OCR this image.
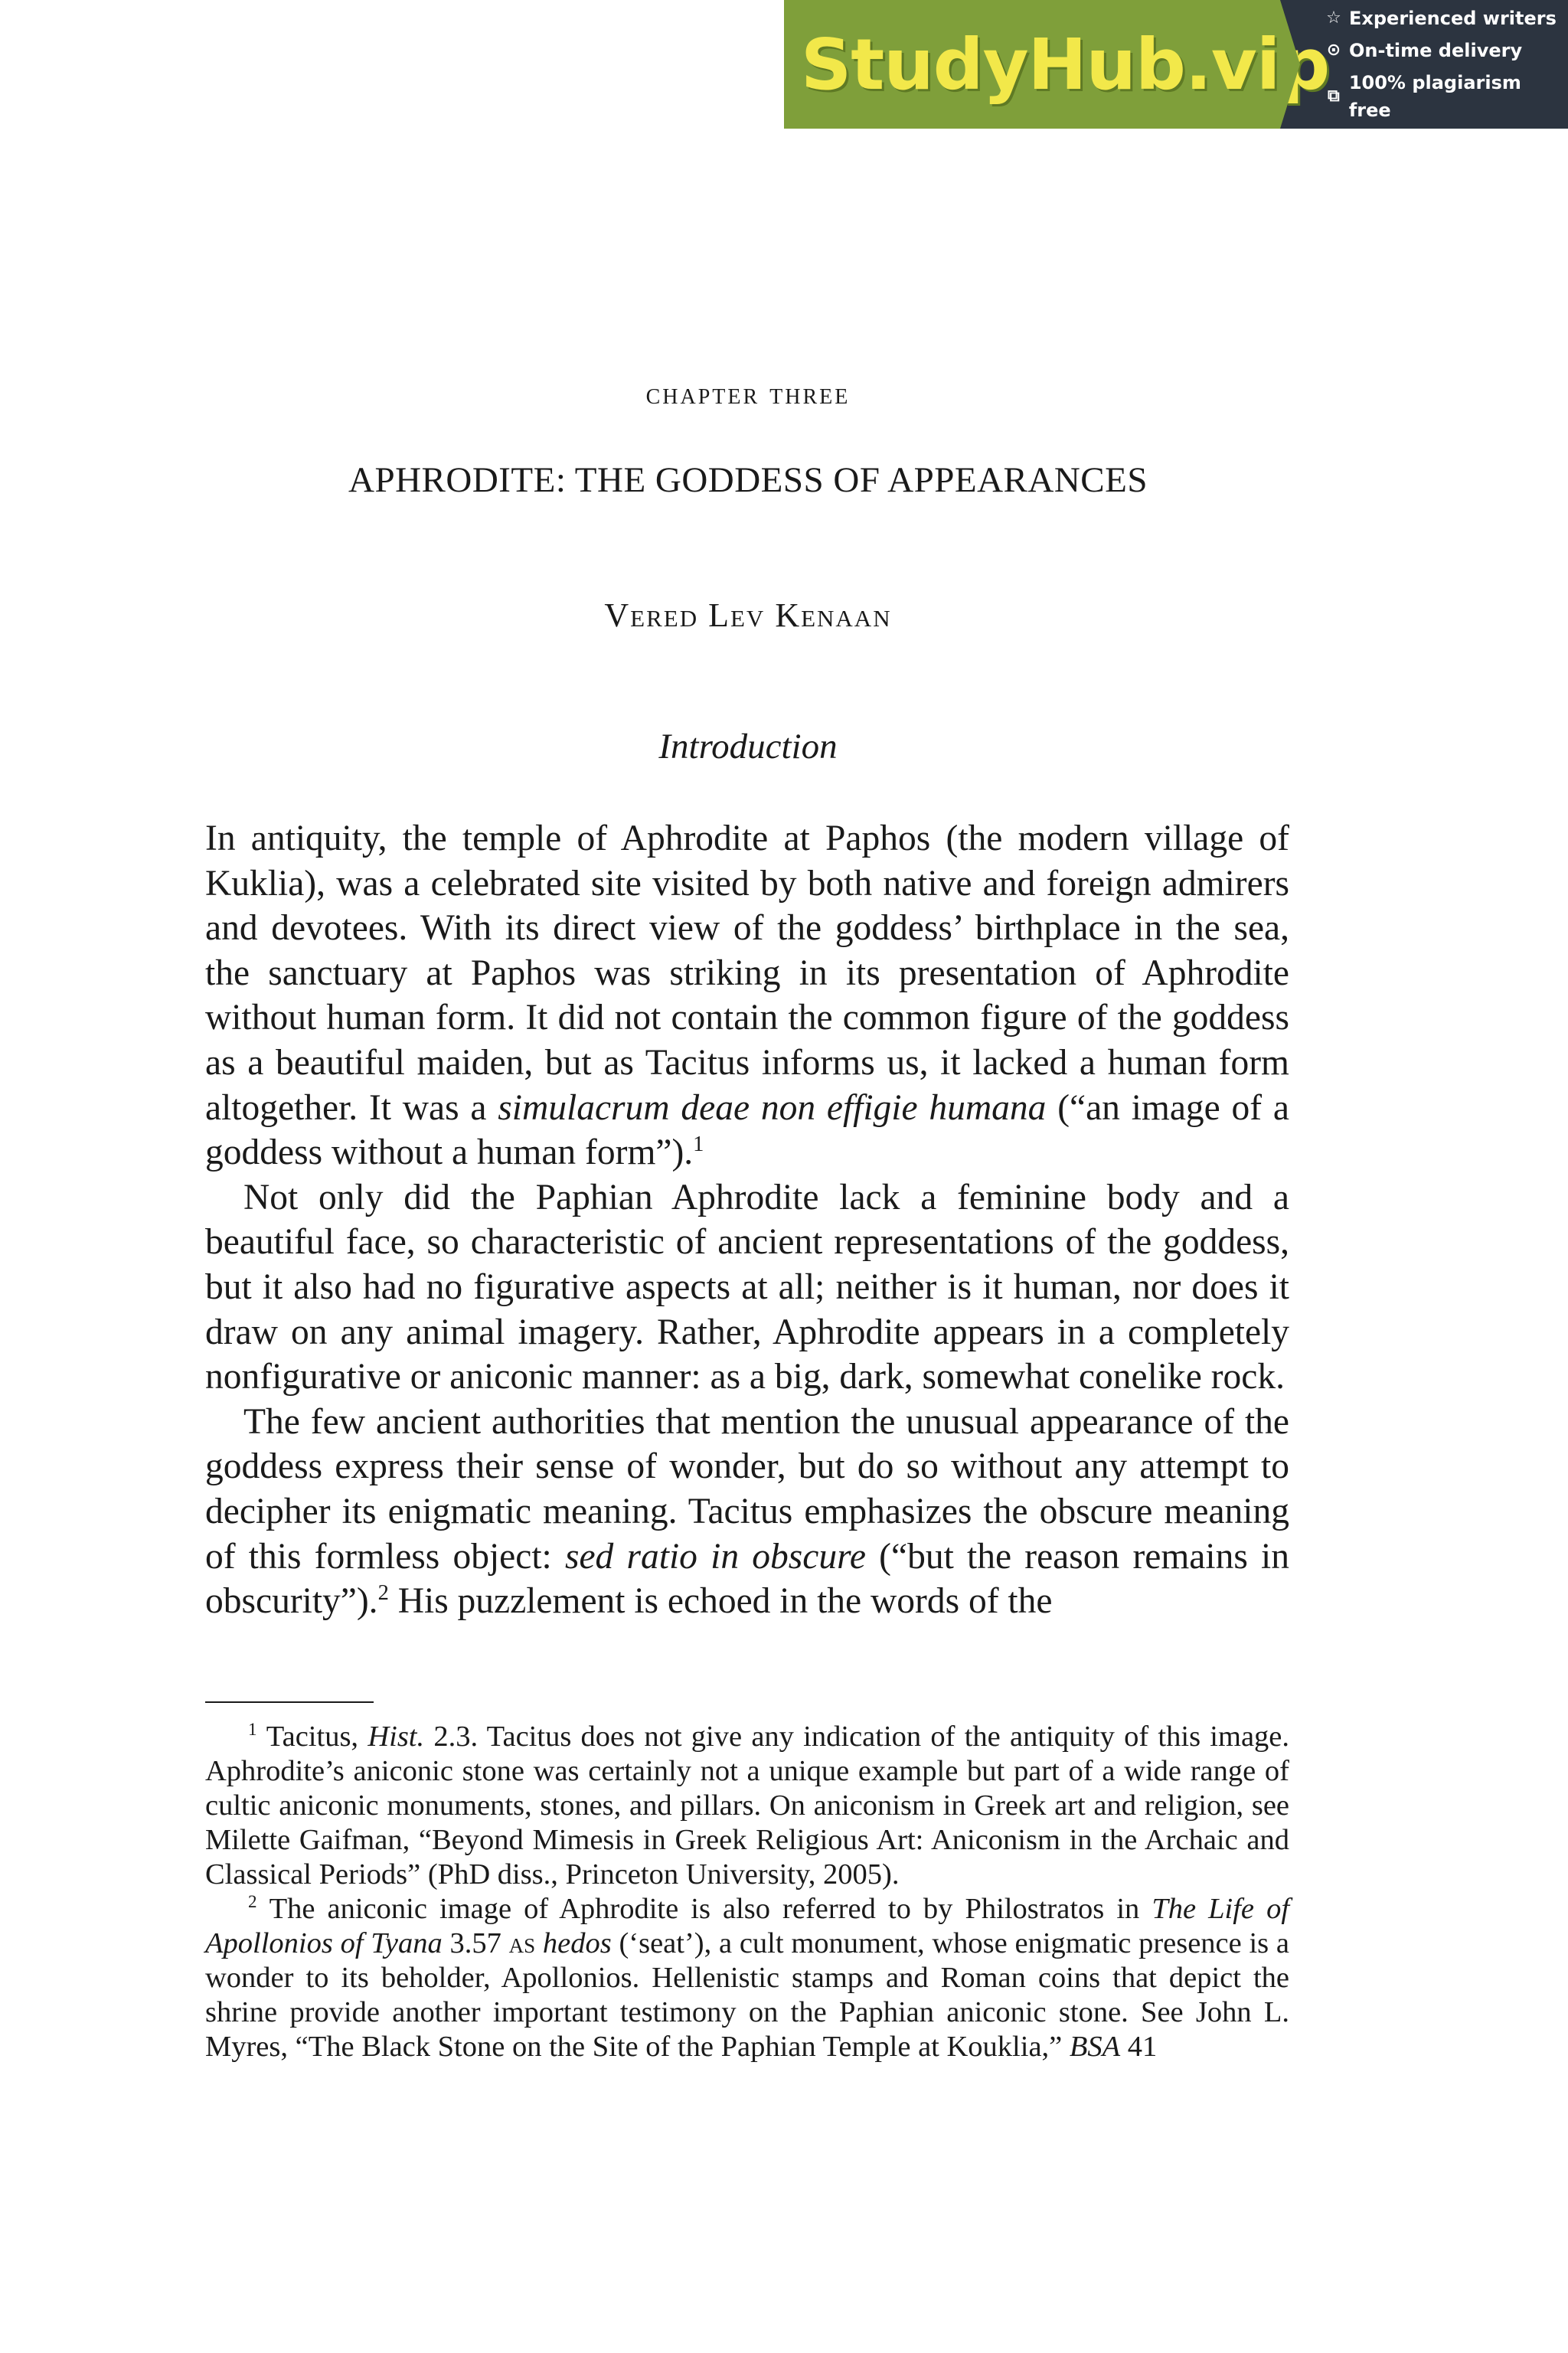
StudyHub.vip
☆ Experienced writers
⊙ On-time delivery
⧉
100% plagiarism free
chapter three
APHRODITE: THE GODDESS OF APPEARANCES
Vered Lev Kenaan
Introduction

In antiquity, the temple of Aphrodite at Paphos (the modern village of Kuklia), was a celebrated site visited by both native and foreign admirers and devotees. With its direct view of the goddess’ birthplace in the sea, the sanctuary at Paphos was striking in its presentation of Aphrodite without human form. It did not contain the common figure of the goddess as a beautiful maiden, but as Tacitus informs us, it lacked a human form altogether. It was a simulacrum deae non effigie humana (“an image of a goddess without a human form”).$^1$

Not only did the Paphian Aphrodite lack a feminine body and a beautiful face, so characteristic of ancient representations of the goddess, but it also had no figurative aspects at all; neither is it human, nor does it draw on any animal imagery. Rather, Aphrodite appears in a completely nonfigurative or aniconic manner: as a big, dark, somewhat conelike rock.

The few ancient authorities that mention the unusual appearance of the goddess express their sense of wonder, but do so without any attempt to decipher its enigmatic meaning. Tacitus emphasizes the obscure meaning of this formless object: sed ratio in obscure (“but the reason remains in obscurity”).$^2$ His puzzlement is echoed in the words of the

$^1$ Tacitus, Hist. 2.3. Tacitus does not give any indication of the antiquity of this image. Aphrodite’s aniconic stone was certainly not a unique example but part of a wide range of cultic aniconic monuments, stones, and pillars. On aniconism in Greek art and religion, see Milette Gaifman, “Beyond Mimesis in Greek Religious Art: Aniconism in the Archaic and Classical Periods” (PhD diss., Princeton University, 2005).

$^2$ The aniconic image of Aphrodite is also referred to by Philostratos in The Life of Apollonios of Tyana 3.57 as hedos (‘seat’), a cult monument, whose enigmatic presence is a wonder to its beholder, Apollonios. Hellenistic stamps and Roman coins that depict the shrine provide another important testimony on the Paphian aniconic stone. See John L. Myres, “The Black Stone on the Site of the Paphian Temple at Kouklia,” BSA 41
